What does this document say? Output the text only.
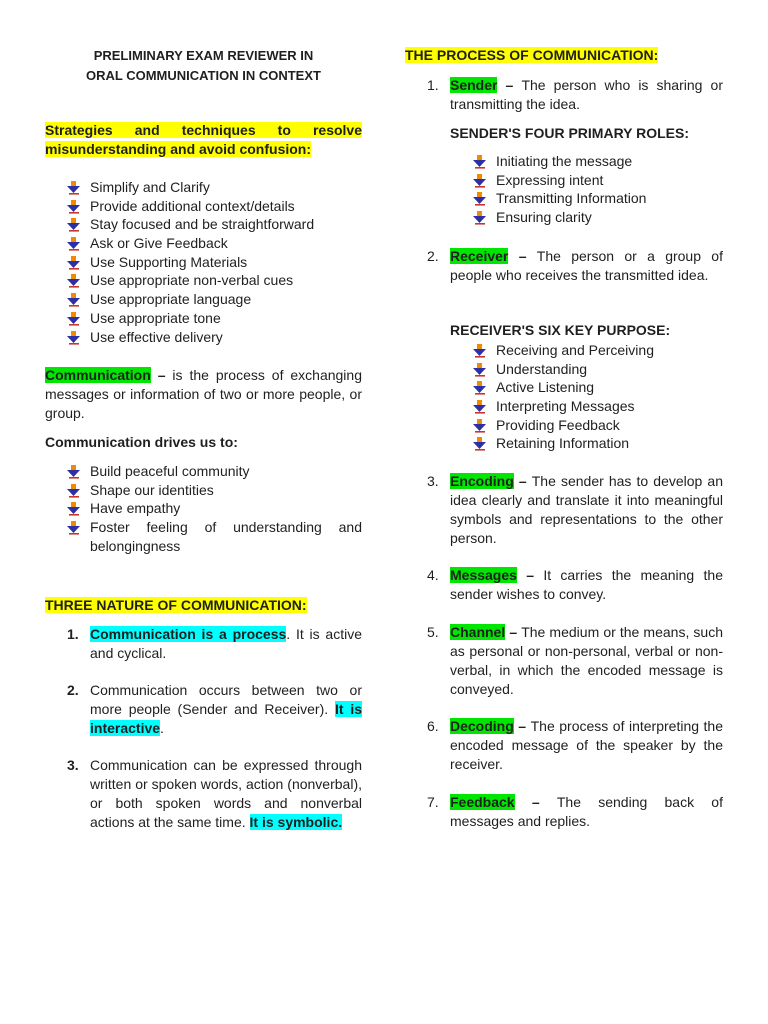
PRELIMINARY EXAM REVIEWER IN
ORAL COMMUNICATION IN CONTEXT
Strategies and techniques to resolve misunderstanding and avoid confusion:
Simplify and Clarify
Provide additional context/details
Stay focused and be straightforward
Ask or Give Feedback
Use Supporting Materials
Use appropriate non-verbal cues
Use appropriate language
Use appropriate tone
Use effective delivery
Communication – is the process of exchanging messages or information of two or more people, or group.
Communication drives us to:
Build peaceful community
Shape our identities
Have empathy
Foster feeling of understanding and belongingness
THREE NATURE OF COMMUNICATION:
1. Communication is a process. It is active and cyclical.
2. Communication occurs between two or more people (Sender and Receiver). It is interactive.
3. Communication can be expressed through written or spoken words, action (nonverbal), or both spoken words and nonverbal actions at the same time. It is symbolic.
THE PROCESS OF COMMUNICATION:
1. Sender – The person who is sharing or transmitting the idea.
SENDER'S FOUR PRIMARY ROLES:
Initiating the message
Expressing intent
Transmitting Information
Ensuring clarity
2. Receiver – The person or a group of people who receives the transmitted idea.
RECEIVER'S SIX KEY PURPOSE:
Receiving and Perceiving
Understanding
Active Listening
Interpreting Messages
Providing Feedback
Retaining Information
3. Encoding – The sender has to develop an idea clearly and translate it into meaningful symbols and representations to the other person.
4. Messages – It carries the meaning the sender wishes to convey.
5. Channel – The medium or the means, such as personal or non-personal, verbal or non-verbal, in which the encoded message is conveyed.
6. Decoding – The process of interpreting the encoded message of the speaker by the receiver.
7. Feedback – The sending back of messages and replies.
